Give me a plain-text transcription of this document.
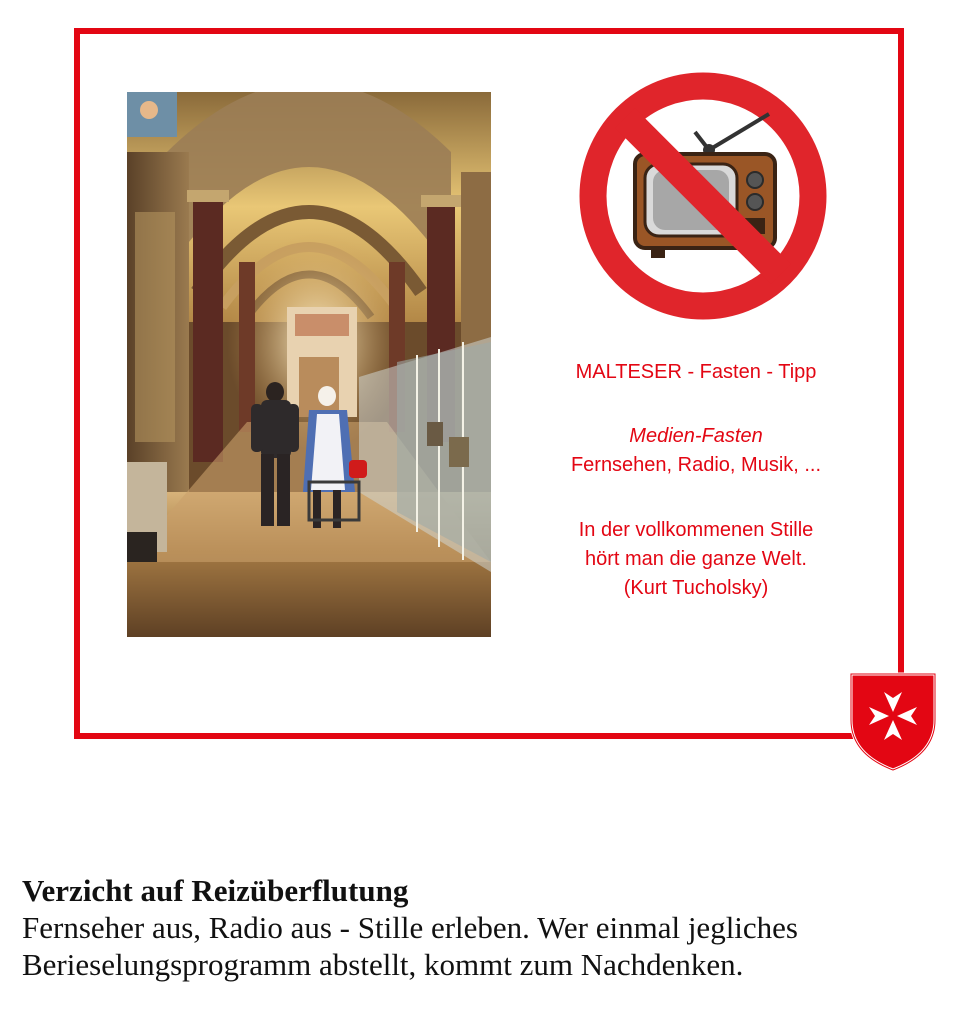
MALTESER - Fasten - Tipp
Medien-Fasten
Fernsehen, Radio, Musik, ...
In der vollkommenen Stille
hört man die ganze Welt.
(Kurt Tucholsky)
Verzicht auf Reizüberflutung
Fernseher aus, Radio aus - Stille erleben. Wer einmal jegliches
Berieselungsprogramm abstellt, kommt zum Nachdenken.
